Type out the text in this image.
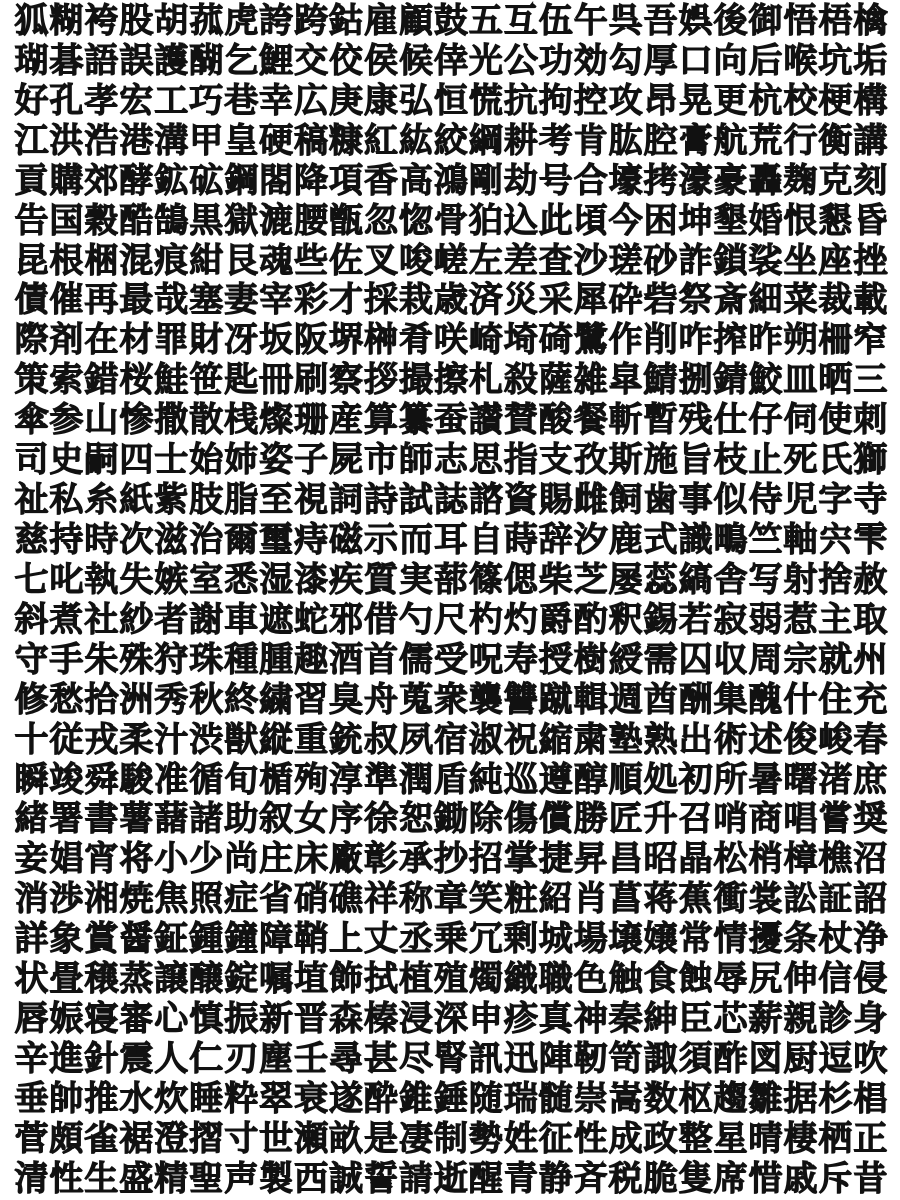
狐 糊 袴 股 胡 菰 虎 誇 跨 鈷 雇 顧 鼓 五 互 伍 午 呉 吾 娯 後 御 悟 梧 檎
瑚 碁 語 誤 護 醐 乞 鯉 交 佼 侯 候 倖 光 公 功 効 勾 厚 口 向 后 喉 坑 垢
好 孔 孝 宏 工 巧 巷 幸 広 庚 康 弘 恒 慌 抗 拘 控 攻 昂 晃 更 杭 校 梗 構
江 洪 浩 港 溝 甲 皇 硬 稿 糠 紅 紘 絞 綱 耕 考 肯 肱 腔 膏 航 荒 行 衡 講
貢 購 郊 酵 鉱 砿 鋼 閤 降 項 香 高 鴻 剛 劫 号 合 壕 拷 濠 豪 轟 麹 克 刻
告 国 穀 酷 鵠 黒 獄 漉 腰 甑 忽 惚 骨 狛 込 此 頃 今 困 坤 墾 婚 恨 懇 昏
昆 根 梱 混 痕 紺 艮 魂 些 佐 叉 唆 嵯 左 差 査 沙 瑳 砂 詐 鎖 裟 坐 座 挫
債 催 再 最 哉 塞 妻 宰 彩 才 採 栽 歳 済 災 采 犀 砕 砦 祭 斎 細 菜 裁 載
際 剤 在 材 罪 財 冴 坂 阪 堺 榊 肴 咲 崎 埼 碕 鷺 作 削 咋 搾 昨 朔 柵 窄
策 索 錯 桜 鮭 笹 匙 冊 刷 察 拶 撮 擦 札 殺 薩 雑 皐 鯖 捌 錆 鮫 皿 晒 三
傘 参 山 惨 撒 散 桟 燦 珊 産 算 纂 蚕 讃 賛 酸 餐 斬 暫 残 仕 仔 伺 使 刺
司 史 嗣 四 士 始 姉 姿 子 屍 市 師 志 思 指 支 孜 斯 施 旨 枝 止 死 氏 獅
祉 私 糸 紙 紫 肢 脂 至 視 詞 詩 試 誌 諮 資 賜 雌 飼 歯 事 似 侍 児 字 寺
慈 持 時 次 滋 治 爾 璽 痔 磁 示 而 耳 自 蒔 辞 汐 鹿 式 識 鴫 竺 軸 宍 雫
七 叱 執 失 嫉 室 悉 湿 漆 疾 質 実 蔀 篠 偲 柴 芝 屡 蕊 縞 舎 写 射 捨 赦
斜 煮 社 紗 者 謝 車 遮 蛇 邪 借 勺 尺 杓 灼 爵 酌 釈 錫 若 寂 弱 惹 主 取
守 手 朱 殊 狩 珠 種 腫 趣 酒 首 儒 受 呪 寿 授 樹 綬 需 囚 収 周 宗 就 州
修 愁 拾 洲 秀 秋 終 繍 習 臭 舟 蒐 衆 襲 讐 蹴 輯 週 酋 酬 集 醜 什 住 充
十 従 戎 柔 汁 渋 獣 縦 重 銃 叔 夙 宿 淑 祝 縮 粛 塾 熟 出 術 述 俊 峻 春
瞬 竣 舜 駿 准 循 旬 楯 殉 淳 準 潤 盾 純 巡 遵 醇 順 処 初 所 暑 曙 渚 庶
緒 署 書 薯 藷 諸 助 叙 女 序 徐 恕 鋤 除 傷 償 勝 匠 升 召 哨 商 唱 嘗 奨
妾 娼 宵 将 小 少 尚 庄 床 廠 彰 承 抄 招 掌 捷 昇 昌 昭 晶 松 梢 樟 樵 沼
消 渉 湘 焼 焦 照 症 省 硝 礁 祥 称 章 笑 粧 紹 肖 菖 蒋 蕉 衝 裳 訟 証 詔
詳 象 賞 醤 鉦 鍾 鐘 障 鞘 上 丈 丞 乗 冗 剰 城 場 壌 嬢 常 情 擾 条 杖 浄
状 畳 穣 蒸 譲 醸 錠 嘱 埴 飾 拭 植 殖 燭 織 職 色 触 食 蝕 辱 尻 伸 信 侵
唇 娠 寝 審 心 慎 振 新 晋 森 榛 浸 深 申 疹 真 神 秦 紳 臣 芯 薪 親 診 身
辛 進 針 震 人 仁 刃 塵 壬 尋 甚 尽 腎 訊 迅 陣 靭 笥 諏 須 酢 図 厨 逗 吹
垂 帥 推 水 炊 睡 粋 翠 衰 遂 酔 錐 錘 随 瑞 髄 崇 嵩 数 枢 趨 雛 据 杉 椙
菅 頗 雀 裾 澄 摺 寸 世 瀬 畝 是 凄 制 勢 姓 征 性 成 政 整 星 晴 棲 栖 正
清 性 生 盛 精 聖 声 製 西 誠 誓 請 逝 醒 青 静 斉 税 脆 隻 席 惜 戚 斥 昔
